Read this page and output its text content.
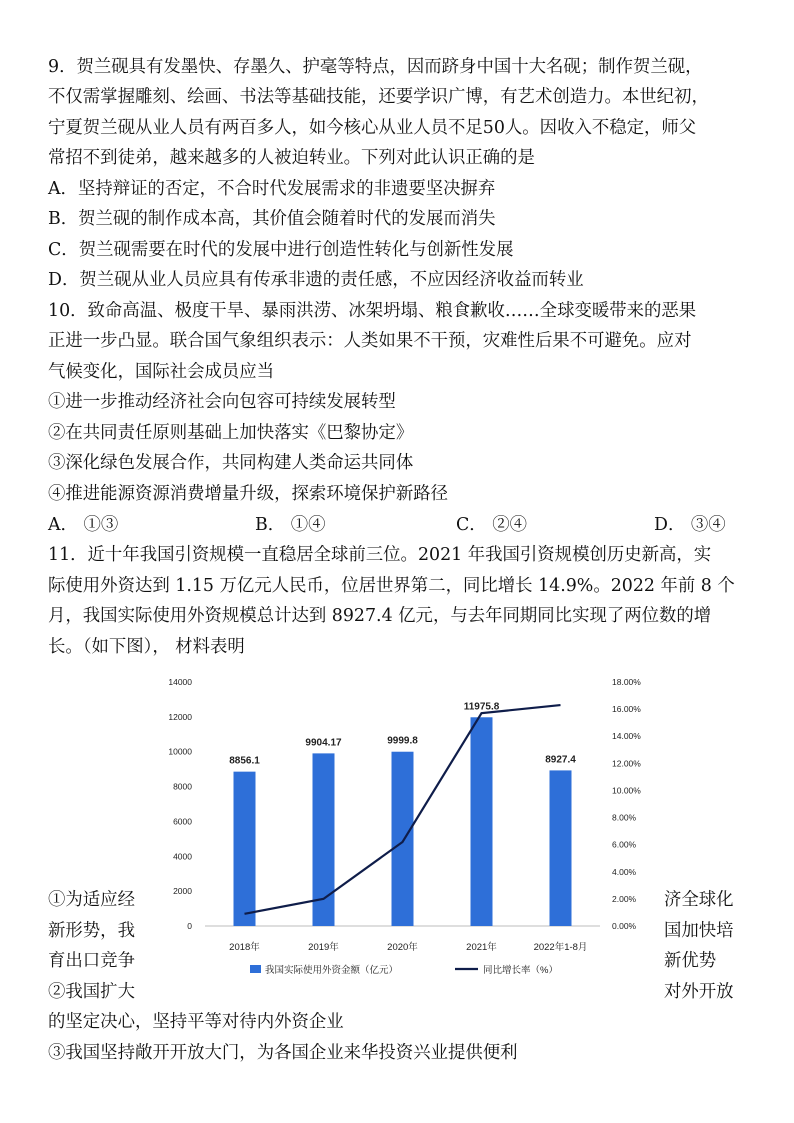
9．贺兰砚具有发墨快、存墨久、护毫等特点，因而跻身中国十大名砚；制作贺兰砚，
不仅需掌握雕刻、绘画、书法等基础技能，还要学识广博，有艺术创造力。本世纪初，
宁夏贺兰砚从业人员有两百多人，如今核心从业人员不足50人。因收入不稳定，师父
常招不到徒弟，越来越多的人被迫转业。下列对此认识正确的是
A．坚持辩证的否定，不合时代发展需求的非遗要坚决摒弃
B．贺兰砚的制作成本高，其价值会随着时代的发展而消失
C．贺兰砚需要在时代的发展中进行创造性转化与创新性发展
D．贺兰砚从业人员应具有传承非遗的责任感，不应因经济收益而转业
10．致命高温、极度干旱、暴雨洪涝、冰架坍塌、粮食歉收……全球变暖带来的恶果
正进一步凸显。联合国气象组织表示：人类如果不干预，灾难性后果不可避免。应对
气候变化，国际社会成员应当
①进一步推动经济社会向包容可持续发展转型
②在共同责任原则基础上加快落实《巴黎协定》
③深化绿色发展合作，共同构建人类命运共同体
④推进能源资源消费增量升级，探索环境保护新路径
A． ①③	B． ①④	C． ②④	D． ③④
11．近十年我国引资规模一直稳居全球前三位。2021 年我国引资规模创历史新高，实
际使用外资达到 1.15 万亿元人民币，位居世界第二，同比增长 14.9%。2022 年前 8 个
月，我国实际使用外资规模总计达到 8927.4 亿元，与去年同期同比实现了两位数的增
长。（如下图）， 材料表明
①为适应经
新形势，我
育出口竞争
济全球化
国加快培
新优势
②我国扩大	对外开放
的坚定决心，坚持平等对待内外资企业
③我国坚持敞开开放大门，为各国企业来华投资兴业提供便利
0
2000
4000
6000
8000
10000
12000
14000
0.00%
2.00%
4.00%
6.00%
8.00%
10.00%
12.00%
14.00%
16.00%
18.00%
8856.1
2018年
9904.17
2019年
9999.8
2020年
11975.8
2021年
8927.4
2022年1-8月
我国实际使用外资金额（亿元）	同比增长率（%）
